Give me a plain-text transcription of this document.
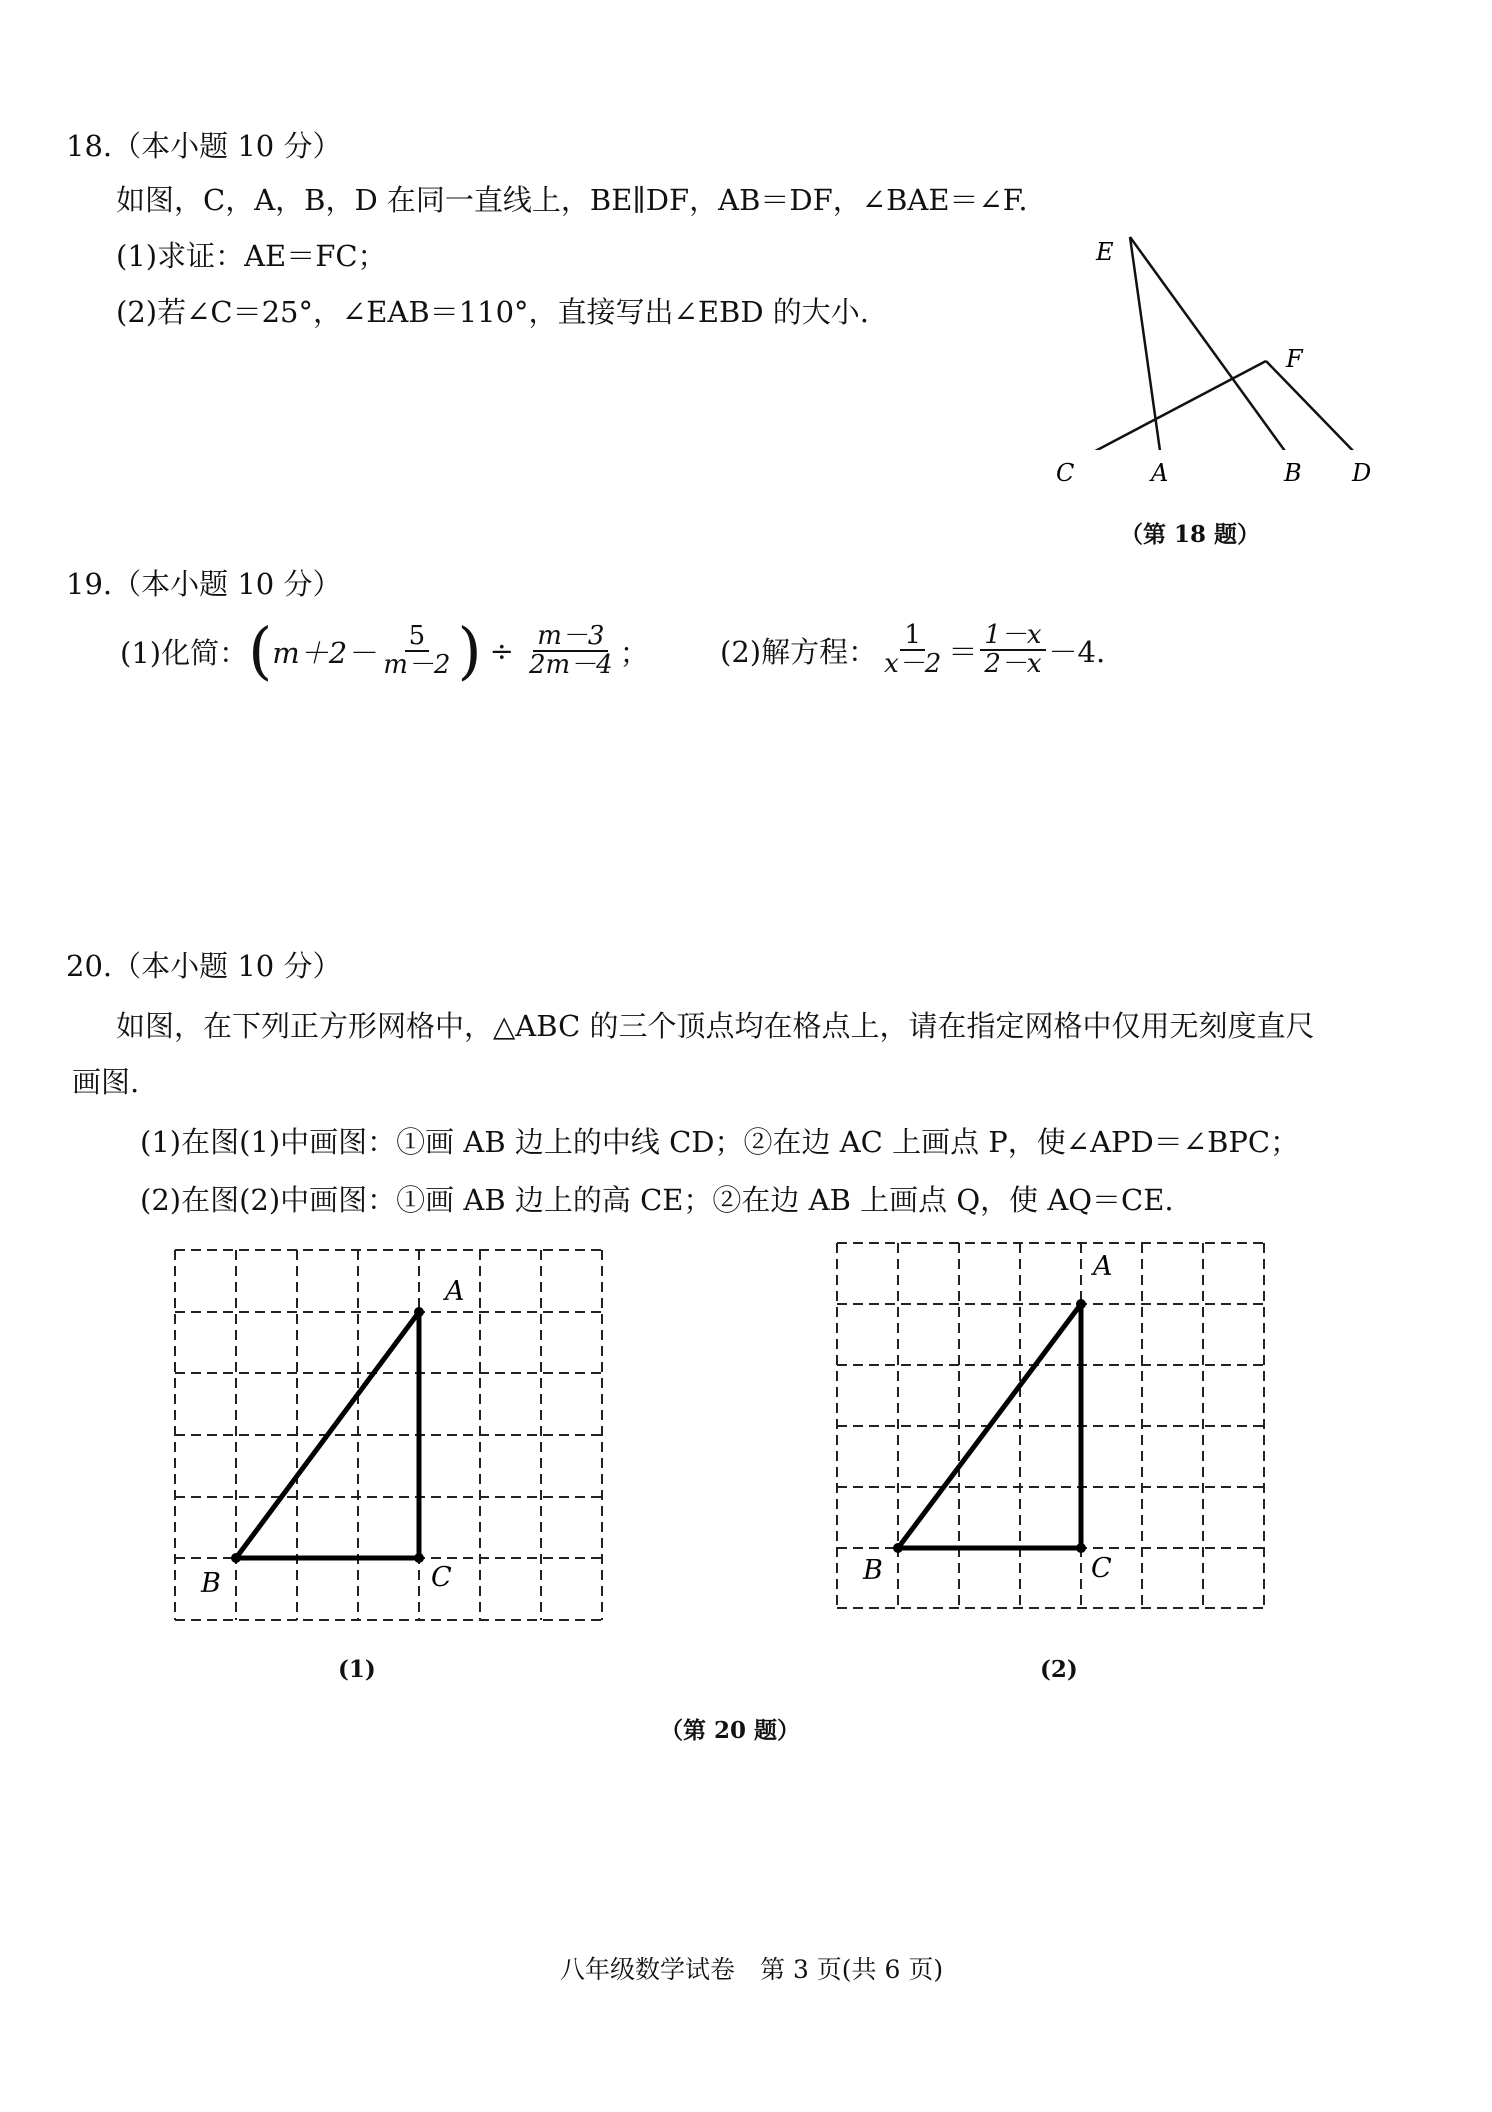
18.（本小题 10 分）
如图，C，A，B，D 在同一直线上，BE∥DF，AB＝DF，∠BAE＝∠F.
(1)求证：AE＝FC；
(2)若∠C＝25°，∠EAB＝110°，直接写出∠EBD 的大小.
E
F
C	A	B D
（第 18 题）
19.（本小题 10 分）
(1)化简： ( $m+2- \frac{5}{m-2}$ ) ÷ $\frac{m-3}{2m-4}$ ； (2)解方程： $\frac{1}{x-2} = \frac{1-x}{2-x} -4$.
20.（本小题 10 分）
如图，在下列正方形网格中，△ABC 的三个顶点均在格点上，请在指定网格中仅用无刻度直尺
画图.
(1)在图(1)中画图：①画 AB 边上的中线 CD；②在边 AC 上画点 P，使∠APD＝∠BPC；
(2)在图(2)中画图：①画 AB 边上的高 CE；②在边 AB 上画点 Q，使 AQ＝CE.
A
B	C
A
B	C
(1)	(2)
（第 20 题）
八年级数学试卷　第 3 页(共 6 页)
